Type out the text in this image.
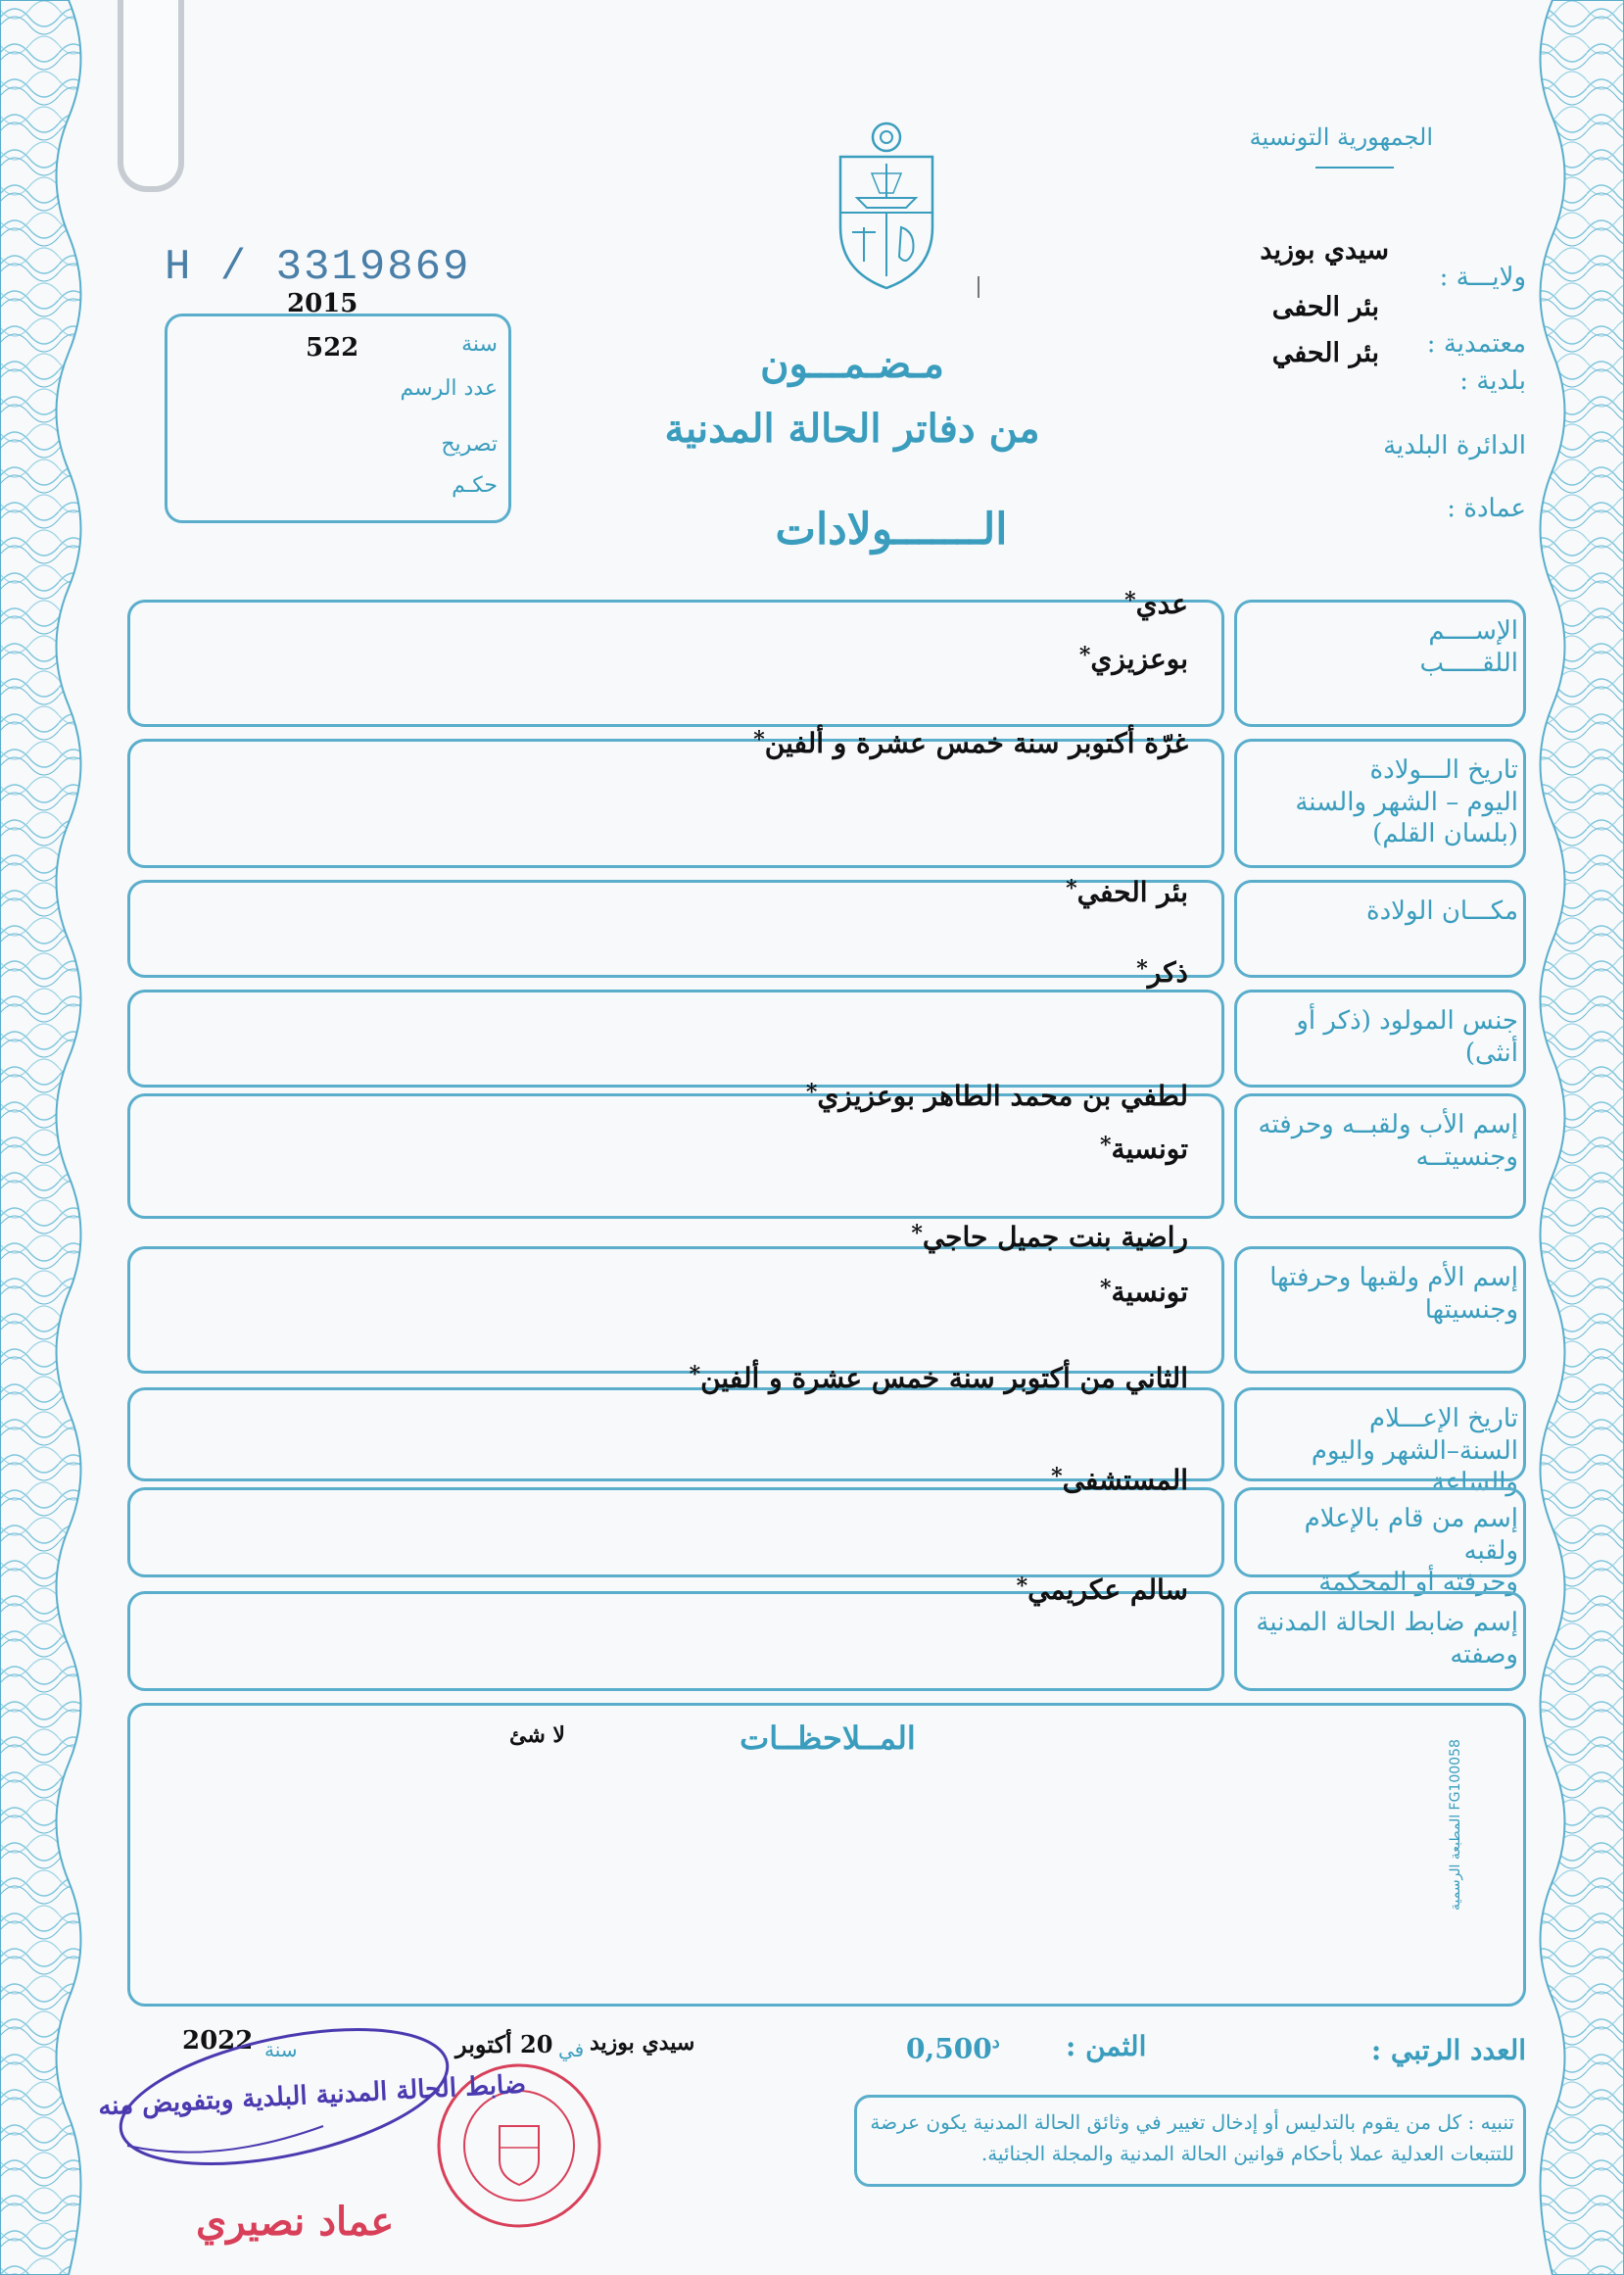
الجمهورية التونسية
ولايـــة :
سيدي بوزيد
بئر الحفى
معتمدية :
بئر الحفي
بلدية :
الدائرة البلدية
عمادة :
H / 3319869
2015
سنة
522
عدد الرسم
تصريح
حكـم
مـضـمـــون
من دفاتر الحالة المدنية
الـــــــولادات
الإســــم
اللقـــــب
عدي*
بوعزيزي*
تاريخ الـــولادة
اليوم – الشهر والسنة
(بلسان القلم)
غرّة أكتوبر سنة خمس عشرة و ألفين*
مكـــان الولادة
بئر الحفي*
جنس المولود (ذكر أو أنثى)
ذكر*
إسم الأب ولقبــه وحرفته
وجنسيتــه
لطفي بن محمد الطاهر بوعزيزي*
تونسية*
إسم الأم ولقبها وحرفتها
وجنسيتها
راضية بنت جميل حاجي*
تونسية*
تاريخ الإعـــلام
السنة–الشهر واليوم والساعة
الثاني من أكتوبر سنة خمس عشرة و ألفين*
إسم من قام بالإعلام ولقبه
وحرفته أو المحكمة
المستشفى*
إسم ضابط الحالة المدنية
وصفته
سالم عكريمي*
المــلاحظــات
لا شئ
المطبعة الرسمية FG100058
العدد الرتبي :
الثمن :
$0,500^د$
سيدي بوزيد
في
20 أكتوبر
سنة
2022
تنبيه : كل من يقوم بالتدليس أو إدخال تغيير في وثائق الحالة المدنية يكون عرضة للتتبعات العدلية عملا بأحكام قوانين الحالة المدنية والمجلة الجنائية.
ضابط الحالة المدنية البلدية وبتفويض منه
عماد نصيري
